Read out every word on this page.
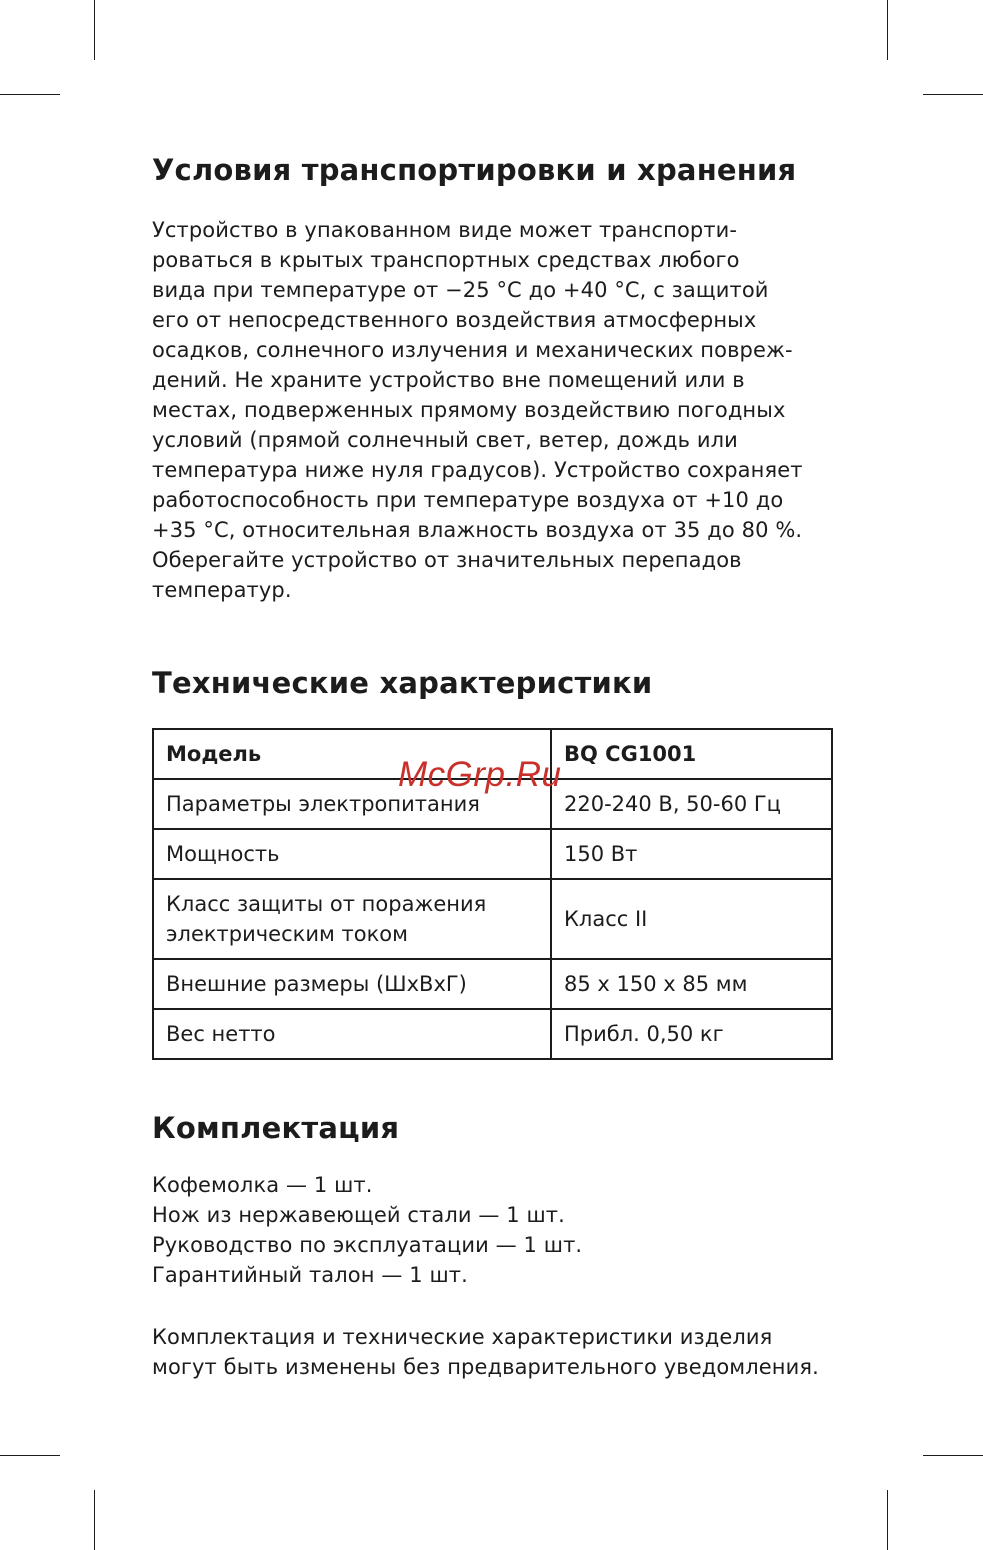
Условия транспортировки и хранения

Устройство в упакованном виде может транспорти-
роваться в крытых транспортных средствах любого
вида при температуре от −25 °C до +40 °C, с защитой
его от непосредственного воздействия атмосферных
осадков, солнечного излучения и механических повреж-
дений. Не храните устройство вне помещений или в
местах, подверженных прямому воздействию погодных
условий (прямой солнечный свет, ветер, дождь или
температура ниже нуля градусов). Устройство сохраняет
работоспособность при температуре воздуха от +10 до
+35 °C, относительная влажность воздуха от 35 до 80 %.
Оберегайте устройство от значительных перепадов
температур.

Технические характеристики
Модель	BQ CG1001
Параметры электропитания	220-240 В, 50-60 Гц
Мощность	150 Вт

Класс защиты от поражения
электрическим током	Класс II
Внешние размеры (ШхВхГ)	85 х 150 х 85 мм
Вес нетто	Прибл. 0,50 кг
Комплектация

Кофемолка — 1 шт.
Нож из нержавеющей стали — 1 шт.
Руководство по эксплуатации — 1 шт.
Гарантийный талон — 1 шт.

Комплектация и технические характеристики изделия
могут быть изменены без предварительного уведомления.

McGrp.Ru
